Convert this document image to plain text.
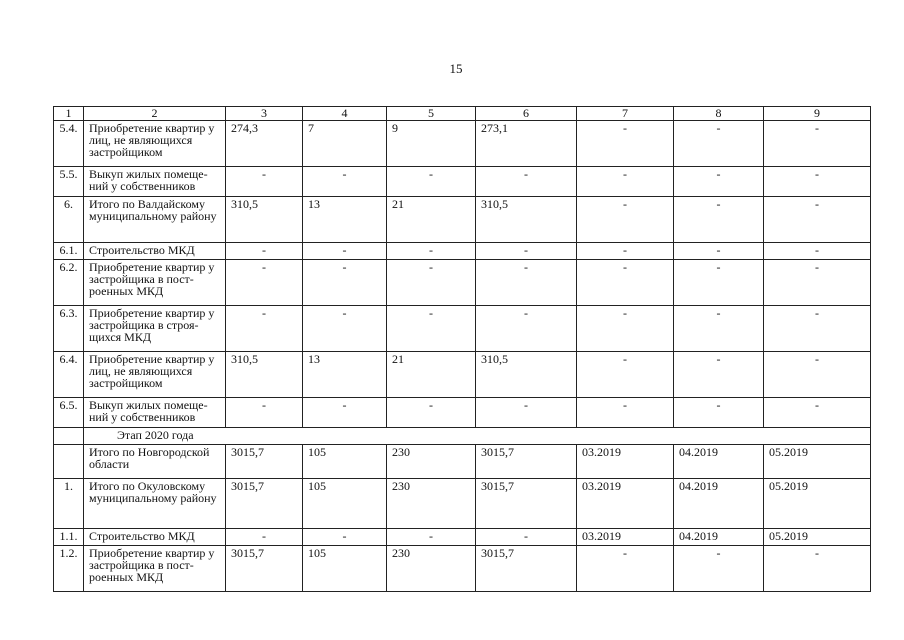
15
1	2	3	4	5	6	7	8	9
5.4.	Приобретение квартир у лиц, не являющихся застройщиком	274,3	7	9	273,1	-	-	-
5.5.	Выкуп жилых помеще-ний у собственников	-	-	-	-	-	-	-
6.	Итого по Валдайскому муниципальному району	310,5	13	21	310,5	-	-	-
6.1.	Строительство МКД	-	-	-	-	-	-	-
6.2.	Приобретение квартир у застройщика в пост-роенных МКД	-	-	-	-	-	-	-
6.3.	Приобретение квартир у застройщика в строя-щихся МКД	-	-	-	-	-	-	-
6.4.	Приобретение квартир у лиц, не являющихся застройщиком	310,5	13	21	310,5	-	-	-
6.5.	Выкуп жилых помеще-ний у собственников	-	-	-	-	-	-	-
	Этап 2020 года							
	Итого по Новгородской области	3015,7	105	230	3015,7	03.2019	04.2019	05.2019
1.	Итого по Окуловскому муниципальному району	3015,7	105	230	3015,7	03.2019	04.2019	05.2019
1.1.	Строительство МКД	-	-	-	-	03.2019	04.2019	05.2019
1.2.	Приобретение квартир у застройщика в пост-роенных МКД	3015,7	105	230	3015,7	-	-	-
